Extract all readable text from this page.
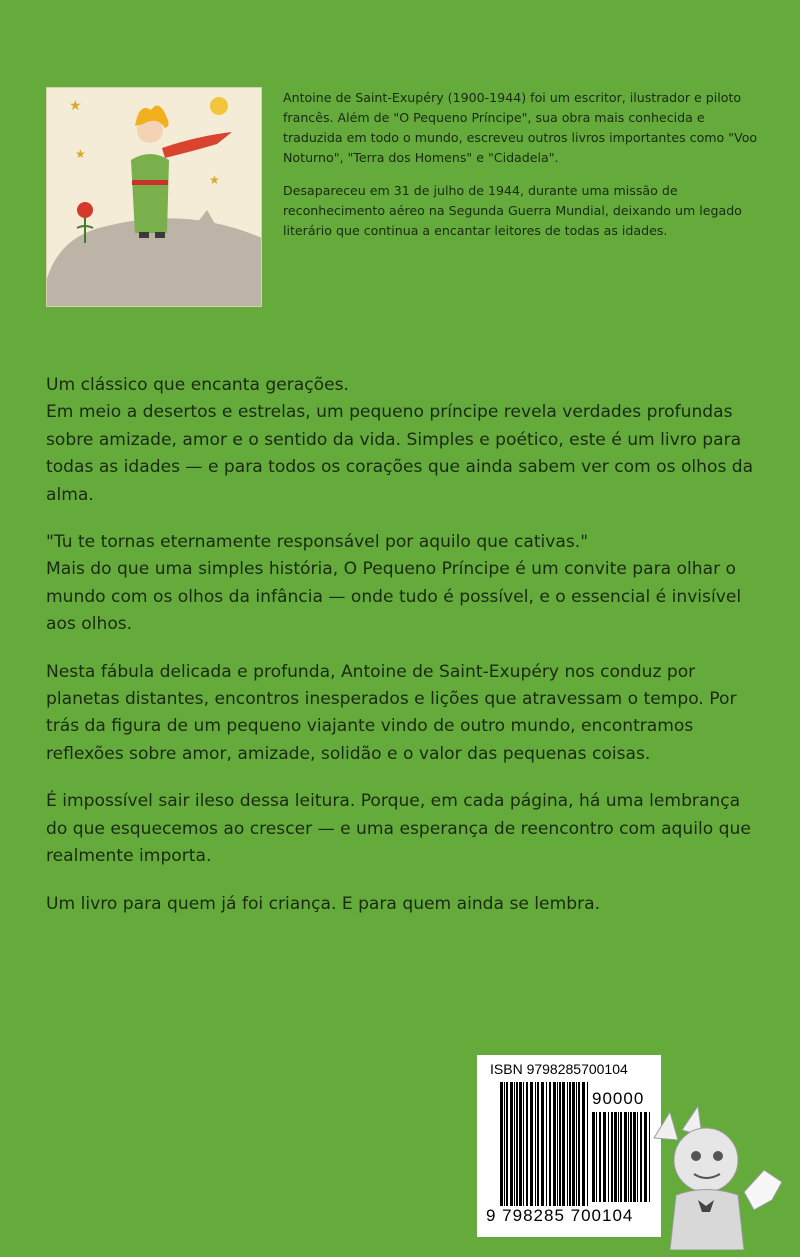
★
★
★

Antoine de Saint-Exupéry (1900-1944) foi um escritor, ilustrador e piloto francês. Além de "O Pequeno Príncipe", sua obra mais conhecida e traduzida em todo o mundo, escreveu outros livros importantes como "Voo Noturno", "Terra dos Homens" e "Cidadela".

Desapareceu em 31 de julho de 1944, durante uma missão de reconhecimento aéreo na Segunda Guerra Mundial, deixando um legado literário que continua a encantar leitores de todas as idades.

Um clássico que encanta gerações.
Em meio a desertos e estrelas, um pequeno príncipe revela verdades profundas sobre amizade, amor e o sentido da vida. Simples e poético, este é um livro para todas as idades — e para todos os corações que ainda sabem ver com os olhos da alma.

"Tu te tornas eternamente responsável por aquilo que cativas."
Mais do que uma simples história, O Pequeno Príncipe é um convite para olhar o mundo com os olhos da infância — onde tudo é possível, e o essencial é invisível aos olhos.

Nesta fábula delicada e profunda, Antoine de Saint-Exupéry nos conduz por planetas distantes, encontros inesperados e lições que atravessam o tempo. Por trás da figura de um pequeno viajante vindo de outro mundo, encontramos reflexões sobre amor, amizade, solidão e o valor das pequenas coisas.

É impossível sair ileso dessa leitura. Porque, em cada página, há uma lembrança do que esquecemos ao crescer — e uma esperança de reencontro com aquilo que realmente importa.

Um livro para quem já foi criança. E para quem ainda se lembra.

ISBN 9798285700104
90000
9 798285 700104
